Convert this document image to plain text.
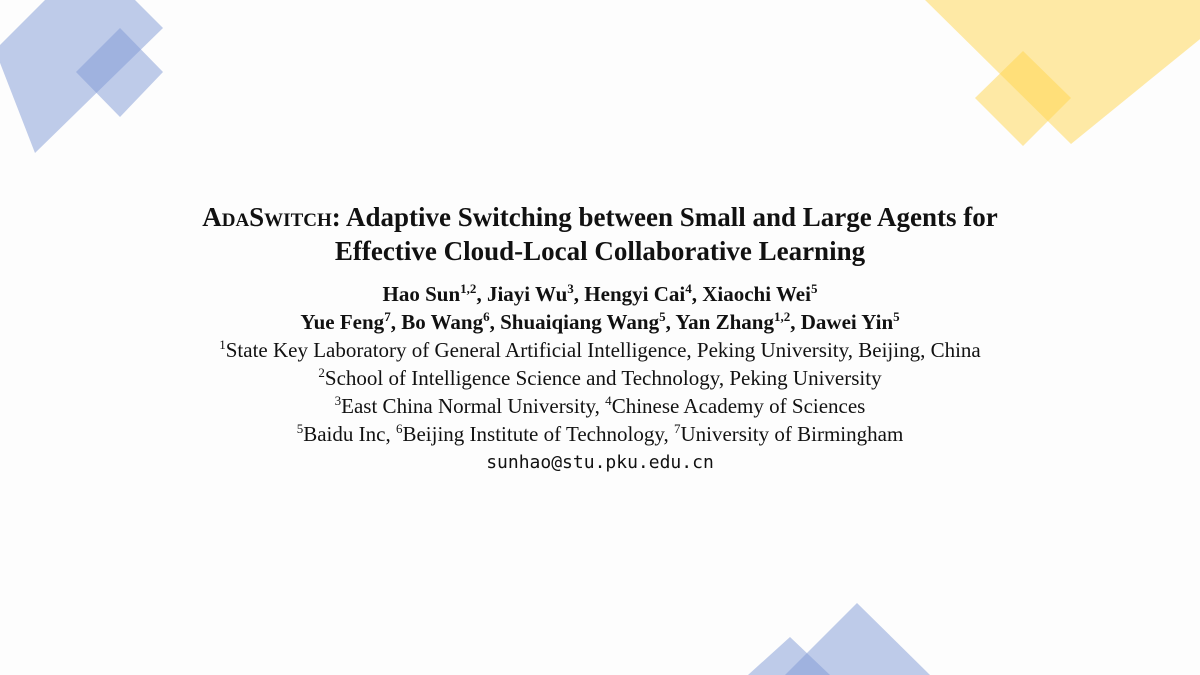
AdaSwitch: Adaptive Switching between Small and Large Agents for
Effective Cloud-Local Collaborative Learning
Hao Sun$^{1,2}$, Jiayi Wu$^3$, Hengyi Cai$^4$, Xiaochi Wei$^5$
Yue Feng$^7$, Bo Wang$^6$, Shuaiqiang Wang$^5$, Yan Zhang$^{1,2}$, Dawei Yin$^5$
$^1$State Key Laboratory of General Artificial Intelligence, Peking University, Beijing, China
$^2$School of Intelligence Science and Technology, Peking University
$^3$East China Normal University, $^4$Chinese Academy of Sciences
$^5$Baidu Inc, $^6$Beijing Institute of Technology, $^7$University of Birmingham
sunhao@stu.pku.edu.cn
